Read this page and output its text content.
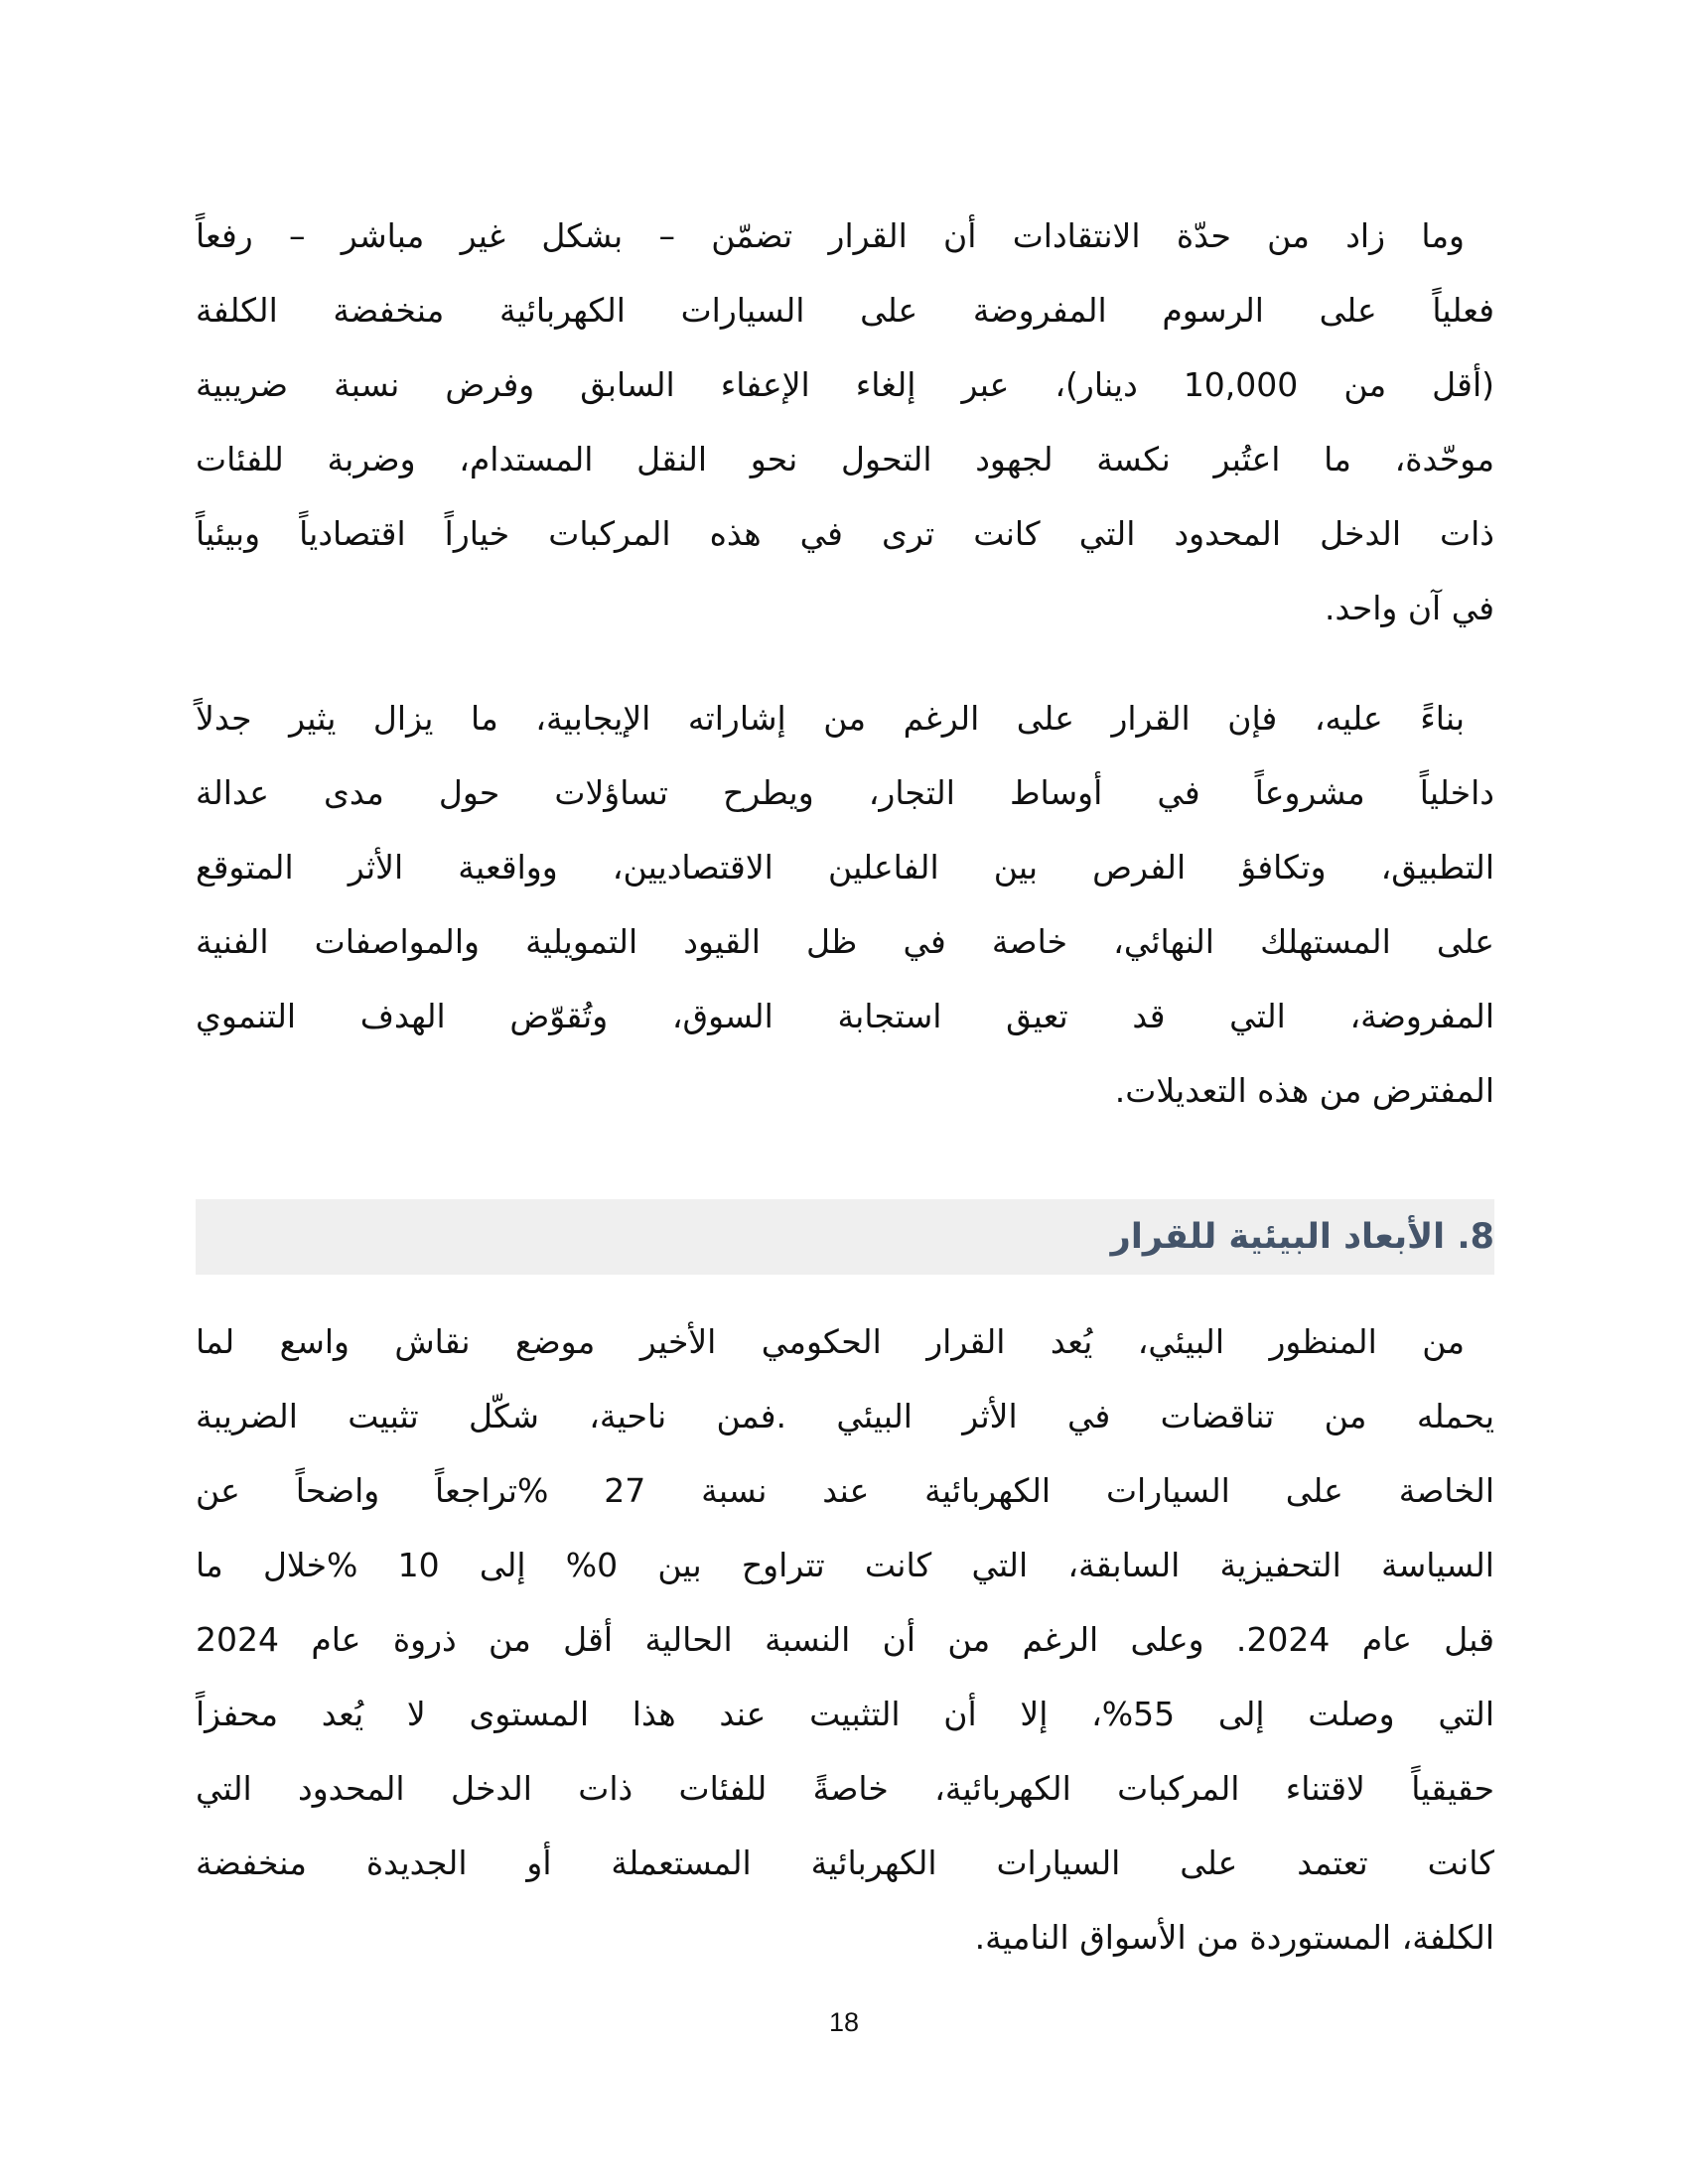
وما زاد من حدّة الانتقادات أن القرار تضمّن – بشكل غير مباشر – رفعاً
فعلياً على الرسوم المفروضة على السيارات الكهربائية منخفضة الكلفة
(أقل من 10,000 دينار)، عبر إلغاء الإعفاء السابق وفرض نسبة ضريبية
موحّدة، ما اعتُبر نكسة لجهود التحول نحو النقل المستدام، وضربة للفئات
ذات الدخل المحدود التي كانت ترى في هذه المركبات خياراً اقتصادياً وبيئياً
في آن واحد.

بناءً عليه، فإن القرار على الرغم من إشاراته الإيجابية، ما يزال يثير جدلاً
داخلياً مشروعاً في أوساط التجار، ويطرح تساؤلات حول مدى عدالة
التطبيق، وتكافؤ الفرص بين الفاعلين الاقتصاديين، وواقعية الأثر المتوقع
على المستهلك النهائي، خاصة في ظل القيود التمويلية والمواصفات الفنية
المفروضة، التي قد تعيق استجابة السوق، وتُقوّض الهدف التنموي
المفترض من هذه التعديلات.

8. الأبعاد البيئية للقرار

من المنظور البيئي، يُعد القرار الحكومي الأخير موضع نقاش واسع لما
يحمله من تناقضات في الأثر البيئي .فمن ناحية، شكّل تثبيت الضريبة
الخاصة على السيارات الكهربائية عند نسبة 27 %تراجعاً واضحاً عن
السياسة التحفيزية السابقة، التي كانت تتراوح بين 0% إلى 10 %خلال ما
قبل عام 2024. وعلى الرغم من أن النسبة الحالية أقل من ذروة عام 2024
التي وصلت إلى 55%، إلا أن التثبيت عند هذا المستوى لا يُعد محفزاً
حقيقياً لاقتناء المركبات الكهربائية، خاصةً للفئات ذات الدخل المحدود التي
كانت تعتمد على السيارات الكهربائية المستعملة أو الجديدة منخفضة
الكلفة، المستوردة من الأسواق النامية.

18
